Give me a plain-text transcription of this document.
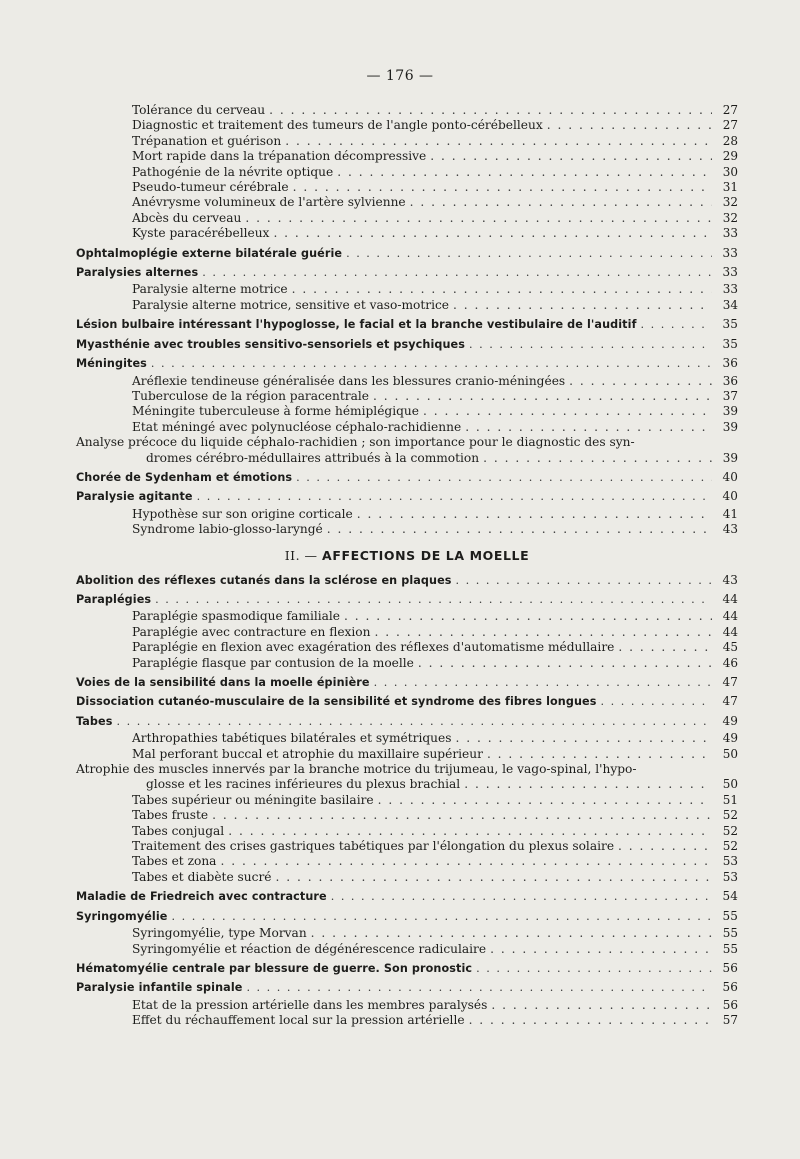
— 176 —
Tolérance du cerveau . . .	27
Diagnostic et traitement des tumeurs de l'angle ponto-cérébelleux . . .	27
Trépanation et guérison . . .	28
Mort rapide dans la trépanation décompressive . . .	29
Pathogénie de la névrite optique . . .	30
Pseudo-tumeur cérébrale . . .	31
Anévrysme volumineux de l'artère sylvienne . . .	32
Abcès du cerveau . . .	32
Kyste paracérébelleux . . .	33
Ophtalmoplégie externe bilatérale guérie . . .	33
Paralysies alternes . . .	33
Paralysie alterne motrice . . .	33
Paralysie alterne motrice, sensitive et vaso-motrice . . .	34
Lésion bulbaire intéressant l'hypoglosse, le facial et la branche vestibulaire de l'auditif . . .	35
Myasthénie avec troubles sensitivo-sensoriels et psychiques . . .	35
Méningites . . .	36
Aréflexie tendineuse généralisée dans les blessures cranio-méningées . . .	36
Tuberculose de la région paracentrale . . .	37
Méningite tuberculeuse à forme hémiplégique . . .	39
Etat méningé avec polynucléose céphalo-rachidienne . . .	39
Analyse précoce du liquide céphalo-rachidien ; son importance pour le diagnostic des syn-
dromes cérébro-médullaires attribués à la commotion . . .	39
Chorée de Sydenham et émotions . . .	40
Paralysie agitante . . .	40
Hypothèse sur son origine corticale . . .	41
Syndrome labio-glosso-laryngé . . .	43
II. — AFFECTIONS DE LA MOELLE
Abolition des réflexes cutanés dans la sclérose en plaques . . .	43
Paraplégies . . .	44
Paraplégie spasmodique familiale . . .	44
Paraplégie avec contracture en flexion . . .	44
Paraplégie en flexion avec exagération des réflexes d'automatisme médullaire . . .	45
Paraplégie flasque par contusion de la moelle . . .	46
Voies de la sensibilité dans la moelle épinière . . .	47
Dissociation cutanéo-musculaire de la sensibilité et syndrome des fibres longues . . .	47
Tabes . . .	49
Arthropathies tabétiques bilatérales et symétriques . . .	49
Mal perforant buccal et atrophie du maxillaire supérieur . . .	50
Atrophie des muscles innervés par la branche motrice du trijumeau, le vago-spinal, l'hypo-
glosse et les racines inférieures du plexus brachial . . .	50
Tabes supérieur ou méningite basilaire . . .	51
Tabes fruste . . .	52
Tabes conjugal . . .	52
Traitement des crises gastriques tabétiques par l'élongation du plexus solaire . . .	52
Tabes et zona . . .	53
Tabes et diabète sucré . . .	53
Maladie de Friedreich avec contracture . . .	54
Syringomyélie . . .	55
Syringomyélie, type Morvan . . .	55
Syringomyélie et réaction de dégénérescence radiculaire . . .	55
Hématomyélie centrale par blessure de guerre. Son pronostic . . .	56
Paralysie infantile spinale . . .	56
Etat de la pression artérielle dans les membres paralysés . . .	56
Effet du réchauffement local sur la pression artérielle . . .	57
